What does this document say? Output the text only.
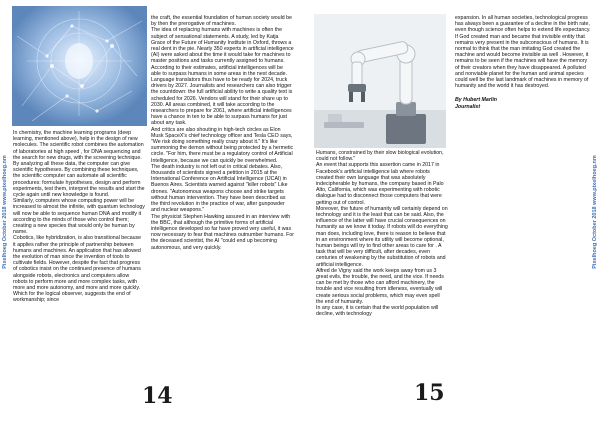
Pixelhoeg October 2018 www.pixelhoeg.nm

In chemistry, the machine learning programs (deep learning, mentioned above), help in the design of new molecules. The scientific robot combines the automation of laboratories at high speed , for DNA sequencing and the search for new drugs, with the screening technique. By analyzing all these data, the computer can give scientific hypotheses. By combining these techniques, the scientific computer can automate all scientific procedures: formulate hypotheses, design and perform experiments, test them, interpret the results and start the cycle again until new knowledge is found.

Similarly, computers whose computing power will be increased to almost the infinite, with quantum technology will now be able to sequence human DNA and modify it according to the minds of those who control them; creating a new species that would only be human by name.

Cobotics, like hybridization, is also transitional because it applies rather the principle of partnership between humans and machines. An application that has allowed the evolution of man since the invention of tools to cultivate fields. However, despite the fact that progress of cobotics insist on the continued presence of humans alongside robots, electronics and computers allow robots to perform more and more complex tasks, with more and more autonomy, and more and more quickly. Which for the logical observer, suggests the end of workmanship; since

the craft, the essential foundation of human society would be by then the prerogative of machines.

The idea of replacing humans with machines is often the subject of sensational statements. A study, led by Katja Grace of the Future of Humanity Institute in Oxford, throws a real dent in the pie. Nearly 350 experts in artificial intelligence (AI) were asked about the time it would take for machines to master positions and tasks currently assigned to humans. According to their estimates, artificial intelligences will be able to surpass humans in some areas in the next decade.

Language translators thus have to be ready for 2024, truck drivers by 2027. Journalists and researchers can also trigger the countdown: the full artificial ability to write a quality text is scheduled for 2026. Vendors will stand for their share up to 2030. All areas combined, it will take according to the researchers to prepare for 2061, where artificial intelligences have a chance in ten to be able to surpass humans for just about any task.

And critics are also shouting in high-tech circles as Elon Musk SpaceX's chief technology officer and Tesla CEO says, "We risk doing something really crazy about it." It's like summoning the demon without being protected by a hermetic circle. "For him, there must be a regulatory control of Artificial Intelligence, because we can quickly be overwhelmed.

The death industry is not left out in critical debates. Also, thousands of scientists signed a petition in 2015 at the International Conference on Artificial Intelligence (IJCAI) in Buenos Aires. Scientists warned against "killer robots" Like drones. "Autonomous weapons choose and strike targets without human intervention. They have been described as the third revolution in the practice of war, after gunpowder and nuclear weapons."

The physicist Stephen Hawking assured in an interview with the BBC, that although the primitive forms of artificial intelligence developed so far have proved very useful, it was now necessary to fear that machines outnumber humans. For the deceased scientist, the AI "could end up becoming autonomous, and very quickly.

14
Pixelhoeg October 2018 www.pixelhoeg.nm

Humans, constrained by their slow biological evolution, could not follow."

An event that supports this assertion came in 2017 in Facebook's artificial intelligence lab where robots created their own language that was absolutely indecipherable by humans, the company based in Palo Alto, California, which was experimenting with robotic dialogue had to disconnect those computers that were getting out of control.

Moreover, the future of humanity will certainly depend on technology and it is the least that can be said. Also, the influence of the latter will have crucial consequences on humanity as we know it today. If robots will do everything man does, including love, there is reason to believe that in an environment where its utility will become optional, human beings will try to find other areas to care for . A task that will be very difficult, after decades, even centuries of weakening by the substitution of robots and artificial intelligence.

Alfred de Vigny said the work keeps away from us 3 great evils, the trouble, the need, and the vice. If needs can be met by those who can afford machinery, the trouble and vice resulting from idleness, eventually will create serious social problems, which may even spell the end of humanity.

In any case, it is certain that the world population will decline, with technology

expansion. In all human societies, technological progress has always been a guarantee of a decline in the birth rate, even though science often helps to extend life expectancy.

If God created man and became that invisible entity that remains very present in the subconscious of humans. It is normal to think that the man imitating God created the machine and would become invisible as well . However, it remains to be seen if the machines will have the memory of their creators when they have disappeared. A polluted and nonviable planet for the human and animal species could well be the last landmark of machines in memory of humanity and the world it has destroyed.

By Hubert Marlin
Journalist

15
